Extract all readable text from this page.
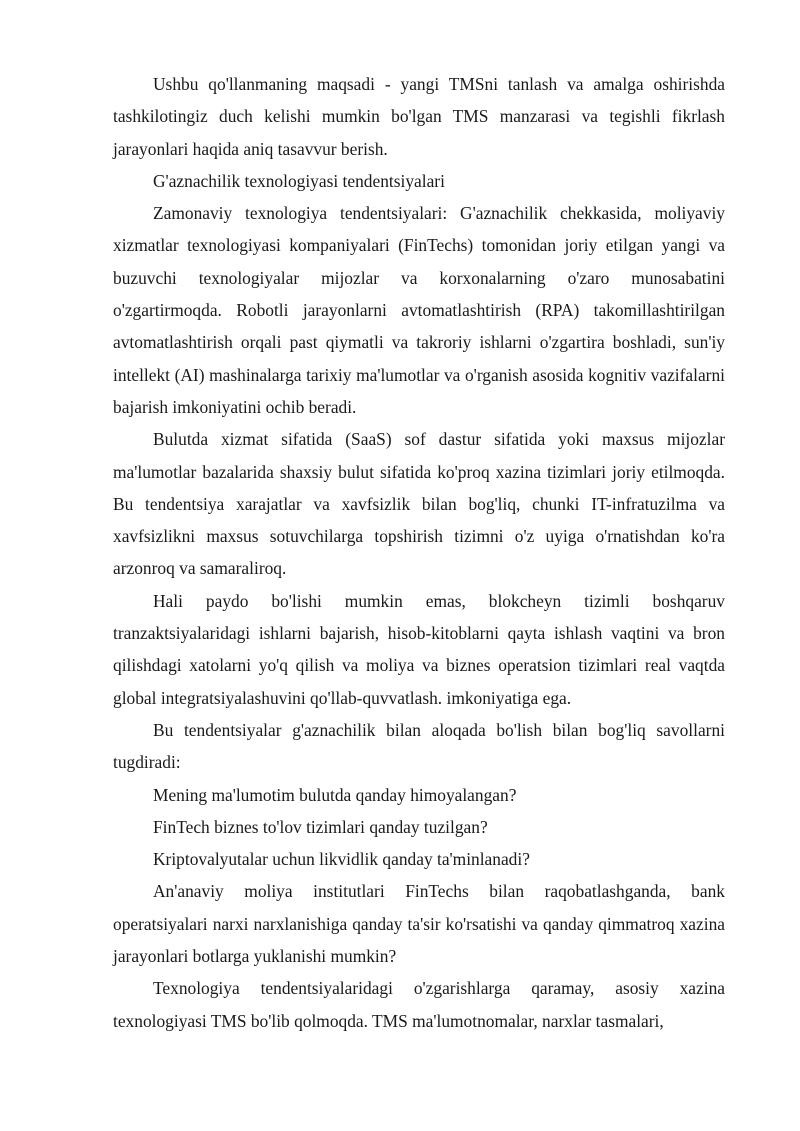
Ushbu qo'llanmaning maqsadi - yangi TMSni tanlash va amalga oshirishda tashkilotingiz duch kelishi mumkin bo'lgan TMS manzarasi va tegishli fikrlash jarayonlari haqida aniq tasavvur berish.

G'aznachilik texnologiyasi tendentsiyalari

Zamonaviy texnologiya tendentsiyalari: G'aznachilik chekkasida, moliyaviy xizmatlar texnologiyasi kompaniyalari (FinTechs) tomonidan joriy etilgan yangi va buzuvchi texnologiyalar mijozlar va korxonalarning o'zaro munosabatini o'zgartirmoqda. Robotli jarayonlarni avtomatlashtirish (RPA) takomillashtirilgan avtomatlashtirish orqali past qiymatli va takroriy ishlarni o'zgartira boshladi, sun'iy intellekt (AI) mashinalarga tarixiy ma'lumotlar va o'rganish asosida kognitiv vazifalarni bajarish imkoniyatini ochib beradi.

Bulutda xizmat sifatida (SaaS) sof dastur sifatida yoki maxsus mijozlar ma'lumotlar bazalarida shaxsiy bulut sifatida ko'proq xazina tizimlari joriy etilmoqda. Bu tendentsiya xarajatlar va xavfsizlik bilan bog'liq, chunki IT-infratuzilma va xavfsizlikni maxsus sotuvchilarga topshirish tizimni o'z uyiga o'rnatishdan ko'ra arzonroq va samaraliroq.

Hali paydo bo'lishi mumkin emas, blokcheyn tizimli boshqaruv tranzaktsiyalaridagi ishlarni bajarish, hisob-kitoblarni qayta ishlash vaqtini va bron qilishdagi xatolarni yo'q qilish va moliya va biznes operatsion tizimlari real vaqtda global integratsiyalashuvini qo'llab-quvvatlash. imkoniyatiga ega.

Bu tendentsiyalar g'aznachilik bilan aloqada bo'lish bilan bog'liq savollarni tugdiradi:

Mening ma'lumotim bulutda qanday himoyalangan?

FinTech biznes to'lov tizimlari qanday tuzilgan?

Kriptovalyutalar uchun likvidlik qanday ta'minlanadi?

An'anaviy moliya institutlari FinTechs bilan raqobatlashganda, bank operatsiyalari narxi narxlanishiga qanday ta'sir ko'rsatishi va qanday qimmatroq xazina jarayonlari botlarga yuklanishi mumkin?

Texnologiya tendentsiyalaridagi o'zgarishlarga qaramay, asosiy xazina texnologiyasi TMS bo'lib qolmoqda. TMS ma'lumotnomalar, narxlar tasmalari,
